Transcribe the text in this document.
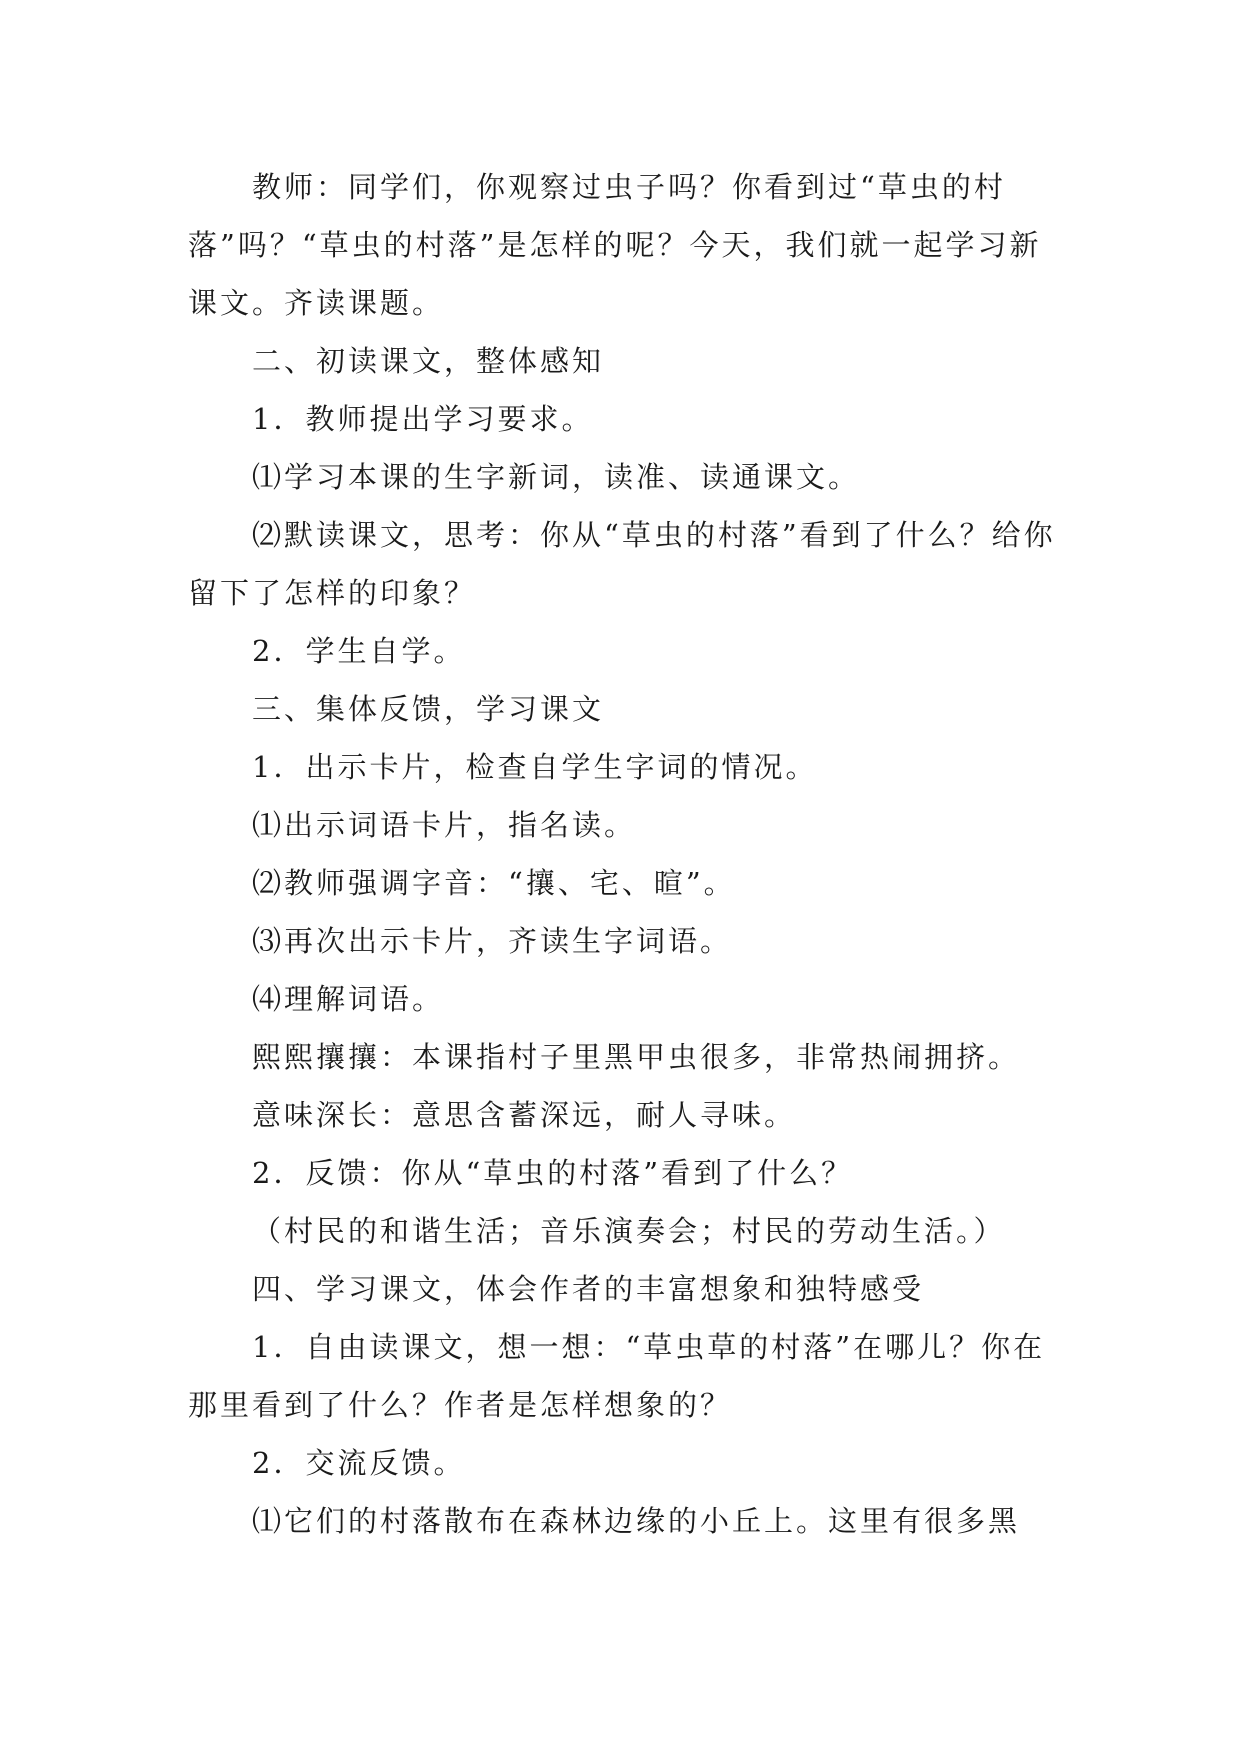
教师：同学们，你观察过虫子吗？你看到过“草虫的村落”吗？“草虫的村落”是怎样的呢？今天，我们就一起学习新课文。齐读课题。

二、初读课文，整体感知

1．教师提出学习要求。

⑴学习本课的生字新词，读准、读通课文。

⑵默读课文，思考：你从“草虫的村落”看到了什么？给你留下了怎样的印象？

2．学生自学。

三、集体反馈，学习课文

1．出示卡片，检查自学生字词的情况。

⑴出示词语卡片，指名读。

⑵教师强调字音：“攘、宅、暄”。

⑶再次出示卡片，齐读生字词语。

⑷理解词语。

熙熙攘攘：本课指村子里黑甲虫很多，非常热闹拥挤。

意味深长：意思含蓄深远，耐人寻味。

2．反馈：你从“草虫的村落”看到了什么？

（村民的和谐生活；音乐演奏会；村民的劳动生活。）

四、学习课文，体会作者的丰富想象和独特感受

1．自由读课文，想一想：“草虫草的村落”在哪儿？你在那里看到了什么？作者是怎样想象的？

2．交流反馈。

⑴它们的村落散布在森林边缘的小丘上。这里有很多黑
